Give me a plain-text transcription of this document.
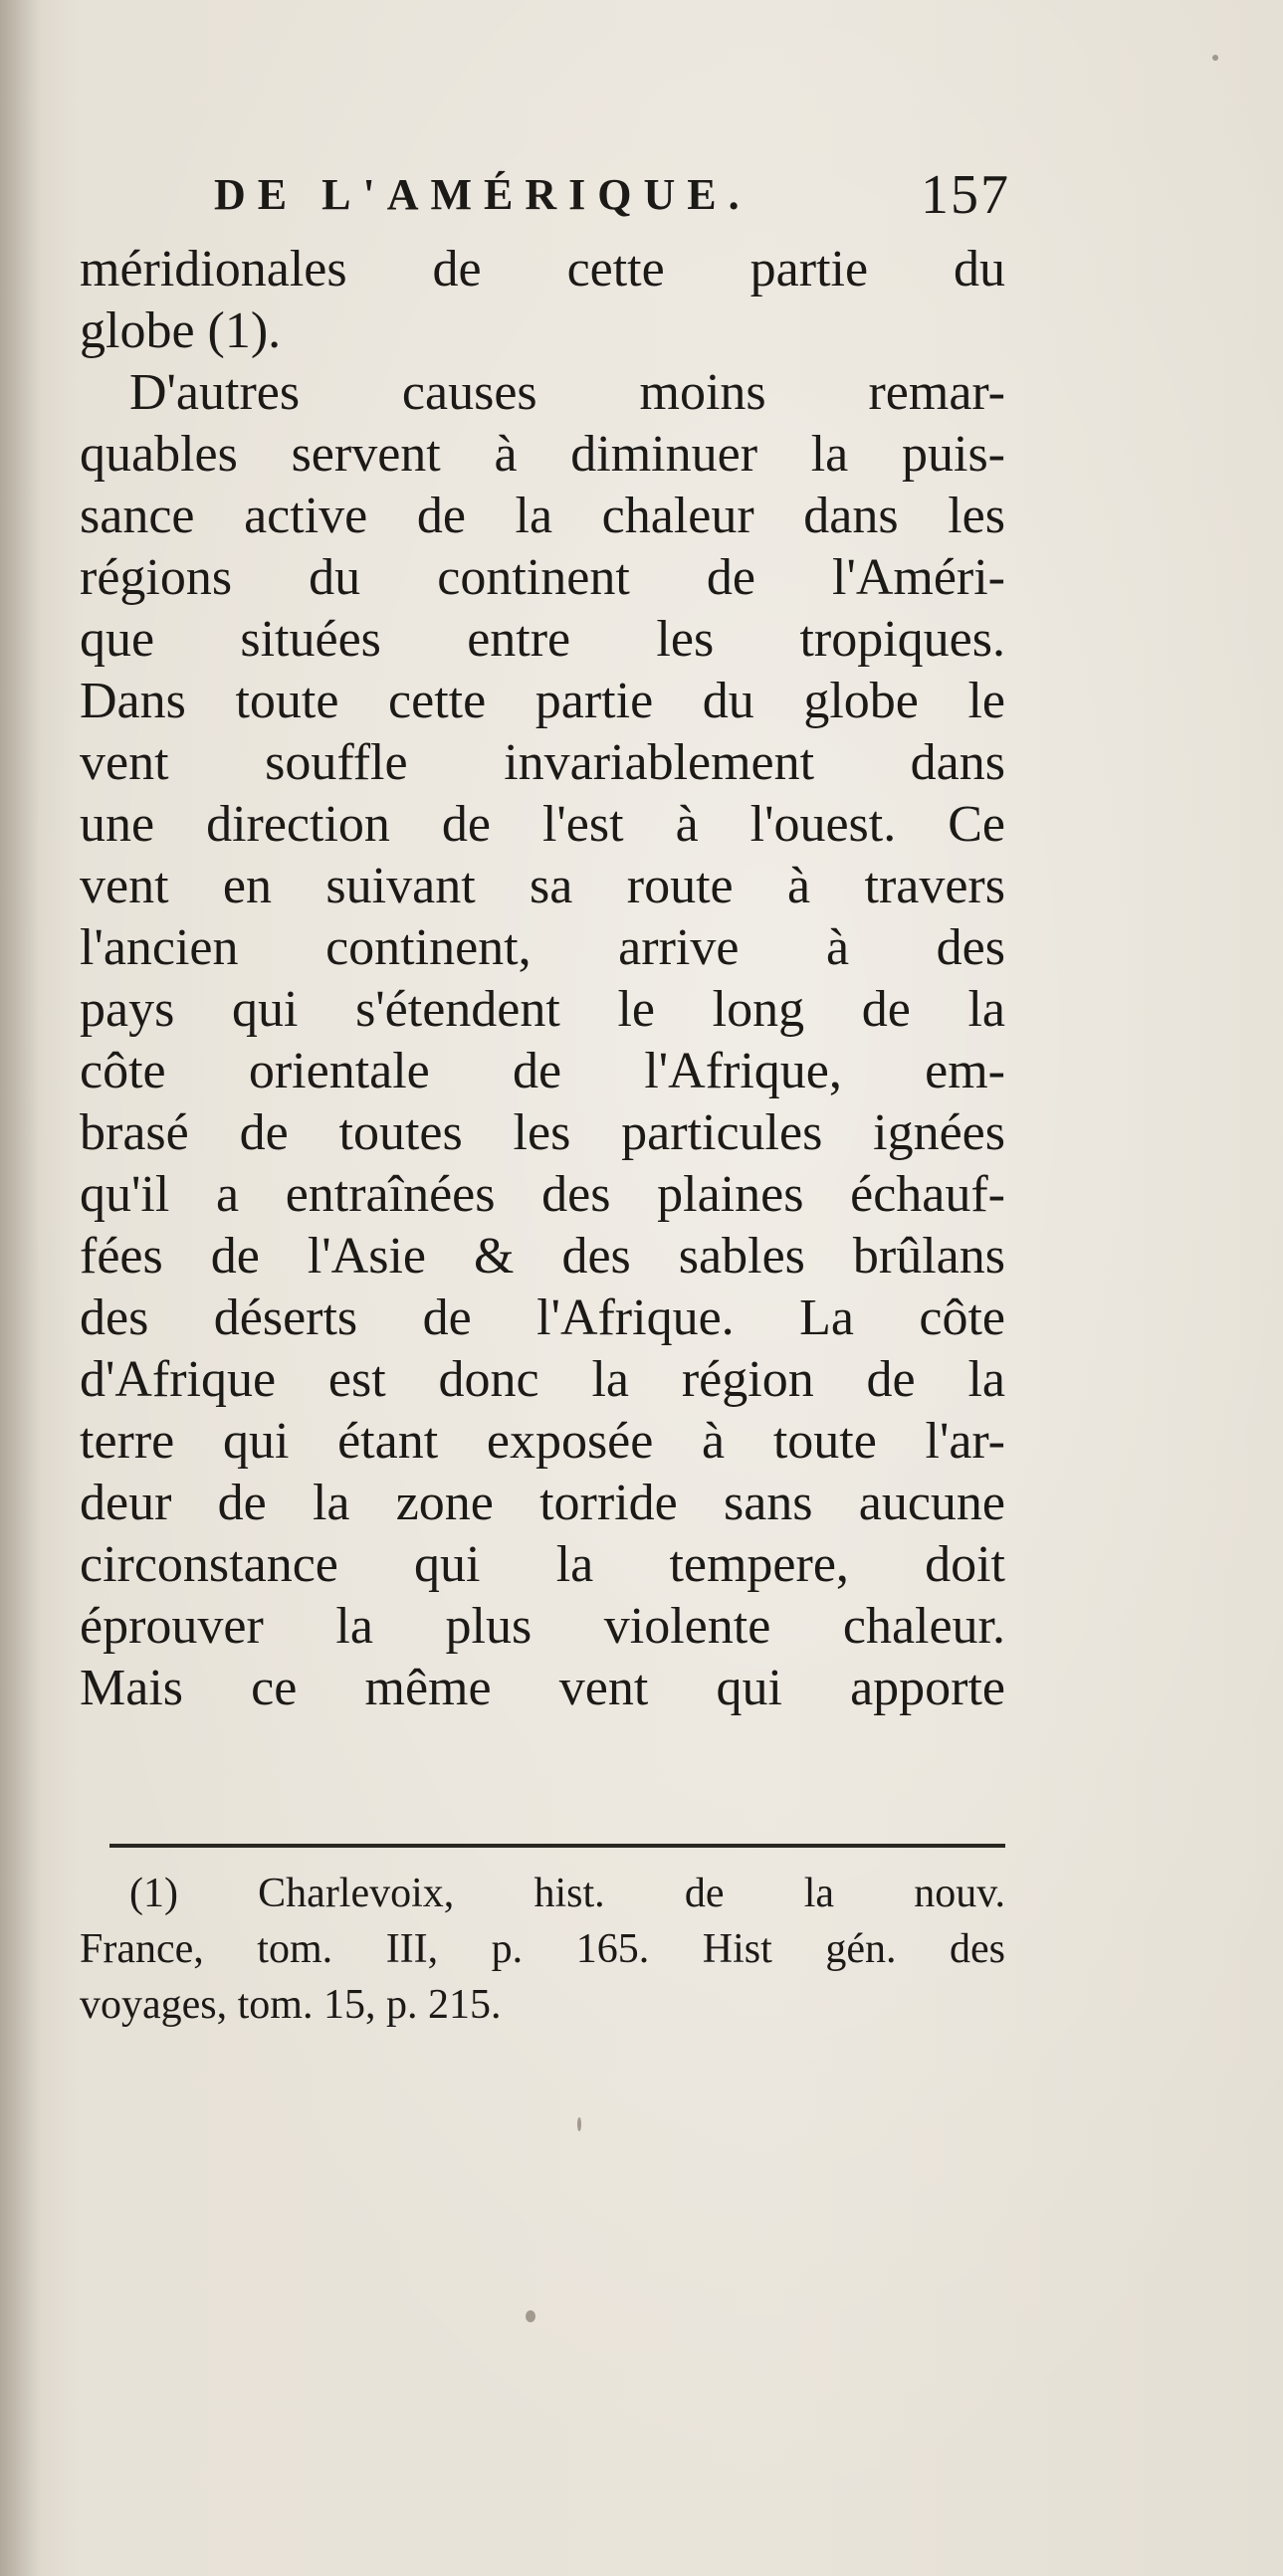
DE L'AMÉRIQUE.	157
méridionales de cette partie du
globe (1).
D'autres causes moins remar-
quables servent à diminuer la puis-
sance active de la chaleur dans les
régions du continent de l'Améri-
que situées entre les tropiques.
Dans toute cette partie du globe le
vent souffle invariablement dans
une direction de l'est à l'ouest. Ce
vent en suivant sa route à travers
l'ancien continent, arrive à des
pays qui s'étendent le long de la
côte orientale de l'Afrique, em-
brasé de toutes les particules ignées
qu'il a entraînées des plaines échauf-
fées de l'Asie & des sables brûlans
des déserts de l'Afrique. La côte
d'Afrique est donc la région de la
terre qui étant exposée à toute l'ar-
deur de la zone torride sans aucune
circonstance qui la tempere, doit
éprouver la plus violente chaleur.
Mais ce même vent qui apporte
(1) Charlevoix, hist. de la nouv.
France, tom. III, p. 165. Hist gén. des
voyages, tom. 15, p. 215.
